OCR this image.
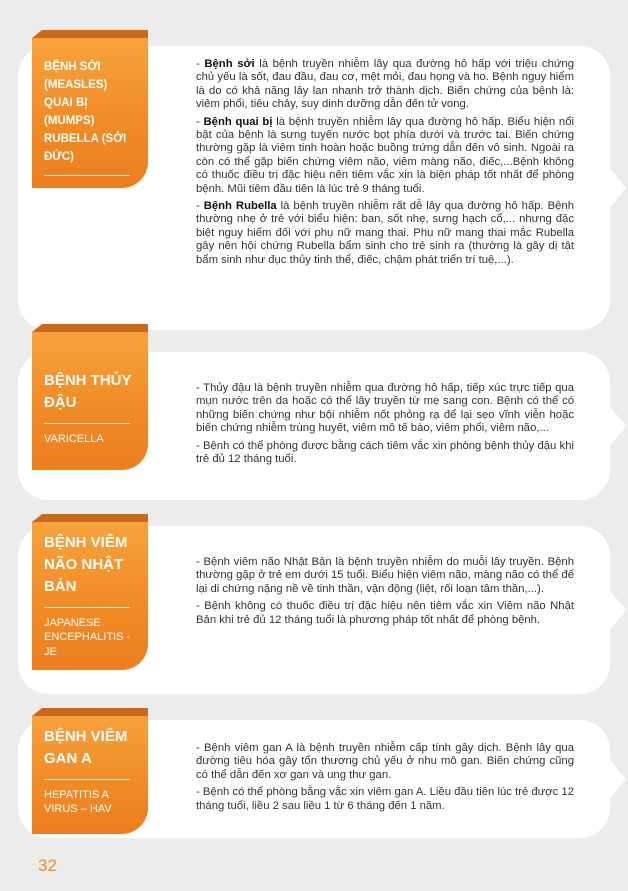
- Bệnh sởi là bệnh truyền nhiễm lây qua đường hô hấp với triệu chứng chủ yếu là sốt, đau đầu, đau cơ, mệt mỏi, đau họng và ho. Bệnh nguy hiểm là do có khả năng lây lan nhanh trở thành dịch. Biến chứng của bệnh là: viêm phổi, tiêu chảy, suy dinh dưỡng dẫn đến tử vong.

- Bệnh quai bị là bệnh truyền nhiễm lây qua đường hô hấp. Biểu hiện nổi bật của bệnh là sưng tuyến nước bọt phía dưới và trước tai. Biến chứng thường gặp là viêm tinh hoàn hoặc buồng trứng dẫn đến vô sinh. Ngoài ra còn có thể gặp biến chứng viêm não, viêm màng não, điếc,...Bệnh không có thuốc điều trị đặc hiệu nên tiêm vắc xin là biện pháp tốt nhất để phòng bệnh. Mũi tiêm đầu tiên là lúc trẻ 9 tháng tuổi.

- Bệnh Rubella là bệnh truyền nhiễm rất dễ lây qua đường hô hấp. Bệnh thường nhẹ ở trẻ với biểu hiện: ban, sốt nhẹ, sưng hạch cổ,... nhưng đặc biệt nguy hiểm đối với phụ nữ mang thai. Phụ nữ mang thai mắc Rubella gây nên hội chứng Rubella bẩm sinh cho trẻ sinh ra (thường là gây dị tật bẩm sinh như đục thủy tinh thể, điếc, chậm phát triển trí tuệ,...).

BỆNH SỞI (MEASLES) QUAI BỊ (MUMPS) RUBELLA (SỞI ĐỨC)

- Thủy đậu là bệnh truyền nhiễm qua đường hô hấp, tiếp xúc trực tiếp qua mụn nước trên da hoặc có thể lây truyền từ mẹ sang con. Bệnh có thể có những biến chứng như bội nhiễm nốt phỏng rạ để lại sẹo vĩnh viễn hoặc biến chứng nhiễm trùng huyết, viêm mô tế bào, viêm phổi, viêm não,...

- Bệnh có thể phòng được bằng cách tiêm vắc xin phòng bệnh thủy đậu khi trẻ đủ 12 tháng tuổi.

BỆNH THỦY ĐẬU
VARICELLA

- Bệnh viêm não Nhật Bản là bệnh truyền nhiễm do muỗi lây truyền. Bệnh thường gặp ở trẻ em dưới 15 tuổi. Biểu hiện viêm não, màng não có thể để lại di chứng nặng nề về tinh thần, vận động (liệt, rối loạn tâm thần,...).

- Bệnh không có thuốc điều trị đặc hiệu nên tiêm vắc xin Viêm não Nhật Bản khi trẻ đủ 12 tháng tuổi là phương pháp tốt nhất để phòng bệnh.

BỆNH VIÊM NÃO NHẬT BẢN
JAPANESE ENCEPHALITIS - JE

- Bệnh viêm gan A là bệnh truyền nhiễm cấp tính gây dịch. Bệnh lây qua đường tiêu hóa gây tổn thương chủ yếu ở nhu mô gan. Biến chứng cũng có thể dẫn đến xơ gan và ung thư gan.

- Bệnh có thể phòng bằng vắc xin viêm gan A. Liều đầu tiên lúc trẻ được 12 tháng tuổi, liều 2 sau liều 1 từ 6 tháng đến 1 năm.

BỆNH VIÊM GAN A
HEPATITIS A VIRUS – HAV
32
